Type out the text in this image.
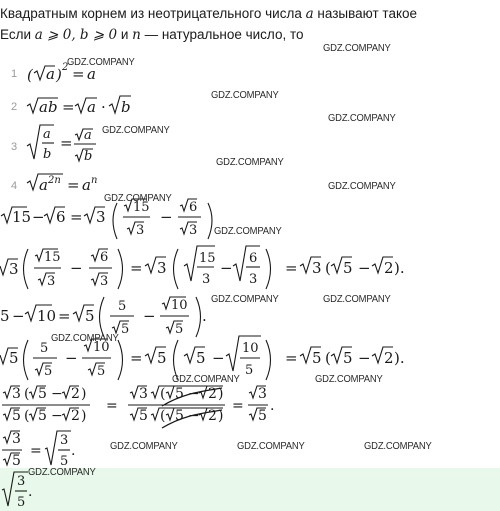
Квадратным корнем из неотрицательного числа a называют такое
Если a ⩾ 0, b ⩾ 0 и n — натуральное число, то
1
2
3
4
( a ) 2 = a
ab = a · b
a
b
= a
b
a 2n = a n
15 − 6 = 3
15
3
−
6
3
3
15
3
−
6
3
= 3
15
3
−
6
3
= 3 ( 5 − 2 ).
5 − 10 = 5
5
5
−
10
5
.
5
5
5
−
10
5
= 5 5 −
10
5
= 5 ( 5 − 2 ).
3 ( 5 − 2 )
5 ( 5 − 2 )
=
3 ( 5 − 2 )
5 ( 5 − 2 )
=
3
5
.
3
5
=
3
5
.
3
5
.
GDZ.COMPANY
GDZ.COMPANY
GDZ.COMPANY
GDZ.COMPANY
GDZ.COMPANY
GDZ.COMPANY
GDZ.COMPANY
GDZ.COMPANY
GDZ.COMPANY
GDZ.COMPANY	GDZ.COMPANY
GDZ.COMPANY
GDZ.COMPANY	GDZ.COMPANY
GDZ.COMPANY	GDZ.COMPANY	GDZ.COMPANY
GDZ.COMPANY
